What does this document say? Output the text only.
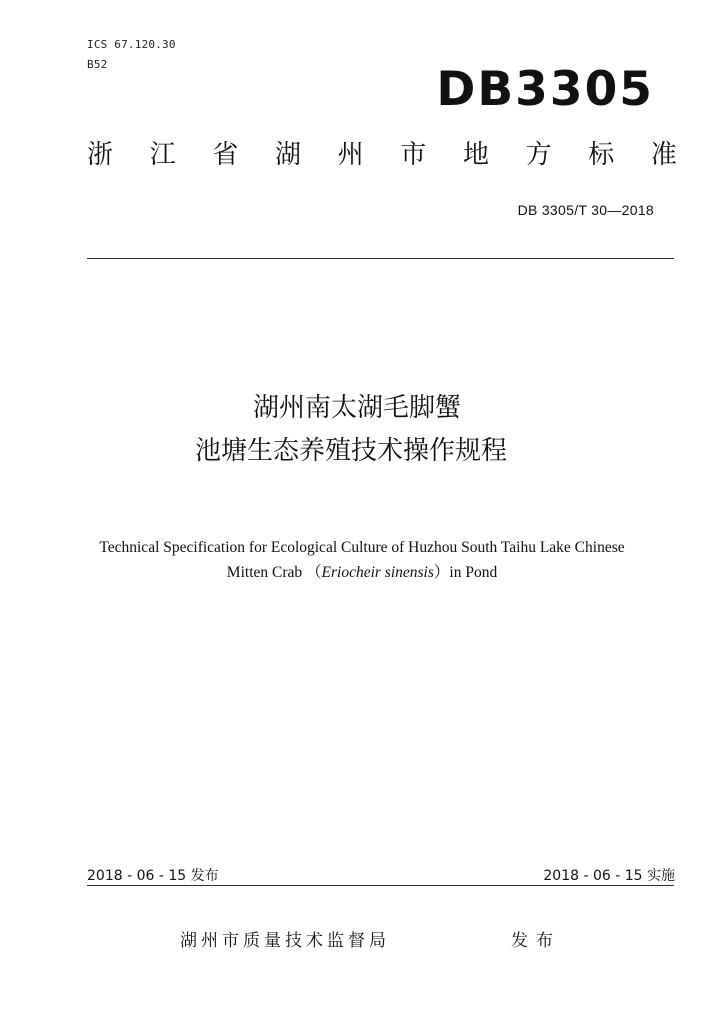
ICS 67.120.30
B52	DB3305
浙 江 省 湖 州 市 地 方 标 准
DB 3305/T 30—2018
湖州南太湖毛脚蟹
池塘生态养殖技术操作规程
Technical Specification for Ecological Culture of Huzhou South Taihu Lake Chinese
Mitten Crab （Eriocheir sinensis）in Pond
2018 - 06 - 15 发布	2018 - 06 - 15 实施
湖州市质量技术监督局	发布
